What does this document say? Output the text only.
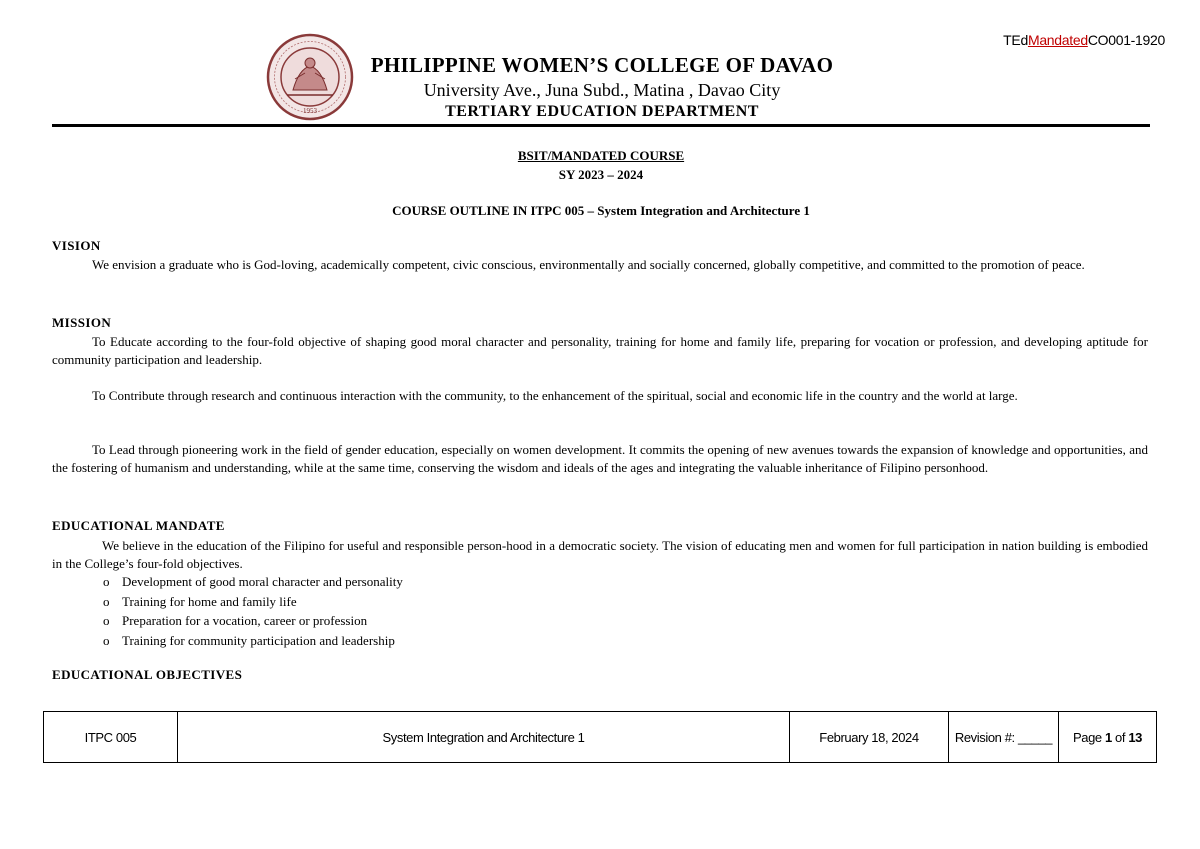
TEdMandatedCO001-1920
1953
PHILIPPINE WOMEN’S COLLEGE OF DAVAO
University Ave., Juna Subd., Matina , Davao City
TERTIARY EDUCATION DEPARTMENT
BSIT/MANDATED COURSE
SY 2023 – 2024
COURSE OUTLINE IN ITPC 005 – System Integration and Architecture 1
VISION
We envision a graduate who is God-loving, academically competent, civic conscious, environmentally and socially concerned, globally competitive, and committed to the promotion of peace.
MISSION
To Educate according to the four-fold objective of shaping good moral character and personality, training for home and family life, preparing for vocation or profession, and developing aptitude for community participation and leadership.
To Contribute through research and continuous interaction with the community, to the enhancement of the spiritual, social and economic life in the country and the world at large.
To Lead through pioneering work in the field of gender education, especially on women development. It commits the opening of new avenues towards the expansion of knowledge and opportunities, and the fostering of humanism and understanding, while at the same time, conserving the wisdom and ideals of the ages and integrating the valuable inheritance of Filipino personhood.
EDUCATIONAL MANDATE
We believe in the education of the Filipino for useful and responsible person-hood in a democratic society. The vision of educating men and women for full participation in nation building is embodied in the College’s four-fold objectives.
o Development of good moral character and personality
o Training for home and family life
o Preparation for a vocation, career or profession
o Training for community participation and leadership
EDUCATIONAL OBJECTIVES
ITPC 005	System Integration and Architecture 1	February 18, 2024	Revision #: _____	Page 1 of 13
